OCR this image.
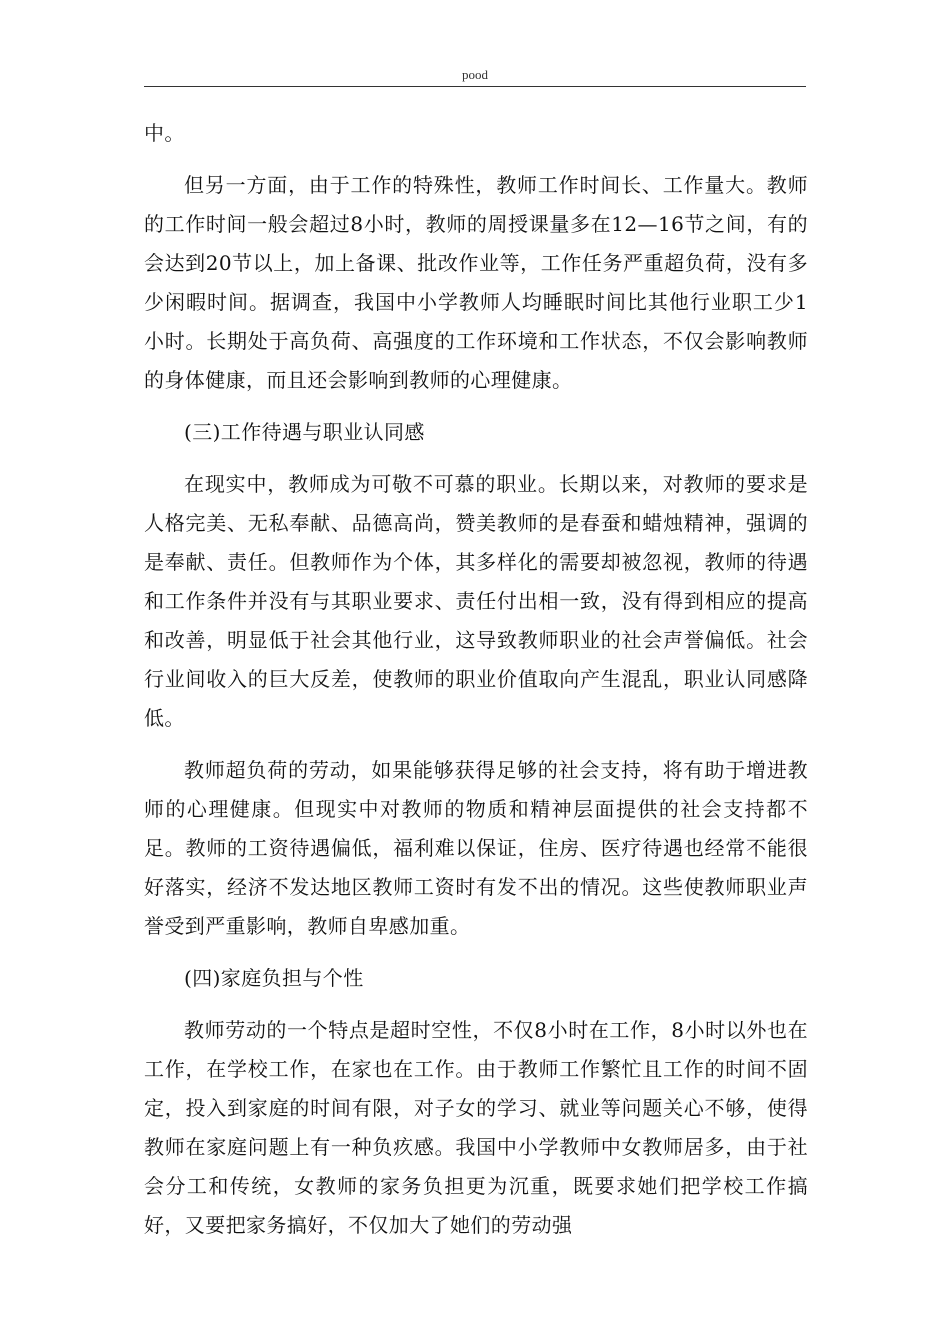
pood

中。

但另一方面，由于工作的特殊性，教师工作时间长、工作量大。教师的工作时间一般会超过8小时，教师的周授课量多在12—16节之间，有的会达到20节以上，加上备课、批改作业等，工作任务严重超负荷，没有多少闲暇时间。据调查，我国中小学教师人均睡眠时间比其他行业职工少1小时。长期处于高负荷、高强度的工作环境和工作状态，不仅会影响教师的身体健康，而且还会影响到教师的心理健康。

(三)工作待遇与职业认同感

在现实中，教师成为可敬不可慕的职业。长期以来，对教师的要求是人格完美、无私奉献、品德高尚，赞美教师的是春蚕和蜡烛精神，强调的是奉献、责任。但教师作为个体，其多样化的需要却被忽视，教师的待遇和工作条件并没有与其职业要求、责任付出相一致，没有得到相应的提高和改善，明显低于社会其他行业，这导致教师职业的社会声誉偏低。社会行业间收入的巨大反差，使教师的职业价值取向产生混乱，职业认同感降低。

教师超负荷的劳动，如果能够获得足够的社会支持，将有助于增进教师的心理健康。但现实中对教师的物质和精神层面提供的社会支持都不足。教师的工资待遇偏低，福利难以保证，住房、医疗待遇也经常不能很好落实，经济不发达地区教师工资时有发不出的情况。这些使教师职业声誉受到严重影响，教师自卑感加重。

(四)家庭负担与个性

教师劳动的一个特点是超时空性，不仅8小时在工作，8小时以外也在工作，在学校工作，在家也在工作。由于教师工作繁忙且工作的时间不固定，投入到家庭的时间有限，对子女的学习、就业等问题关心不够，使得教师在家庭问题上有一种负疚感。我国中小学教师中女教师居多，由于社会分工和传统，女教师的家务负担更为沉重，既要求她们把学校工作搞好，又要把家务搞好，不仅加大了她们的劳动强
